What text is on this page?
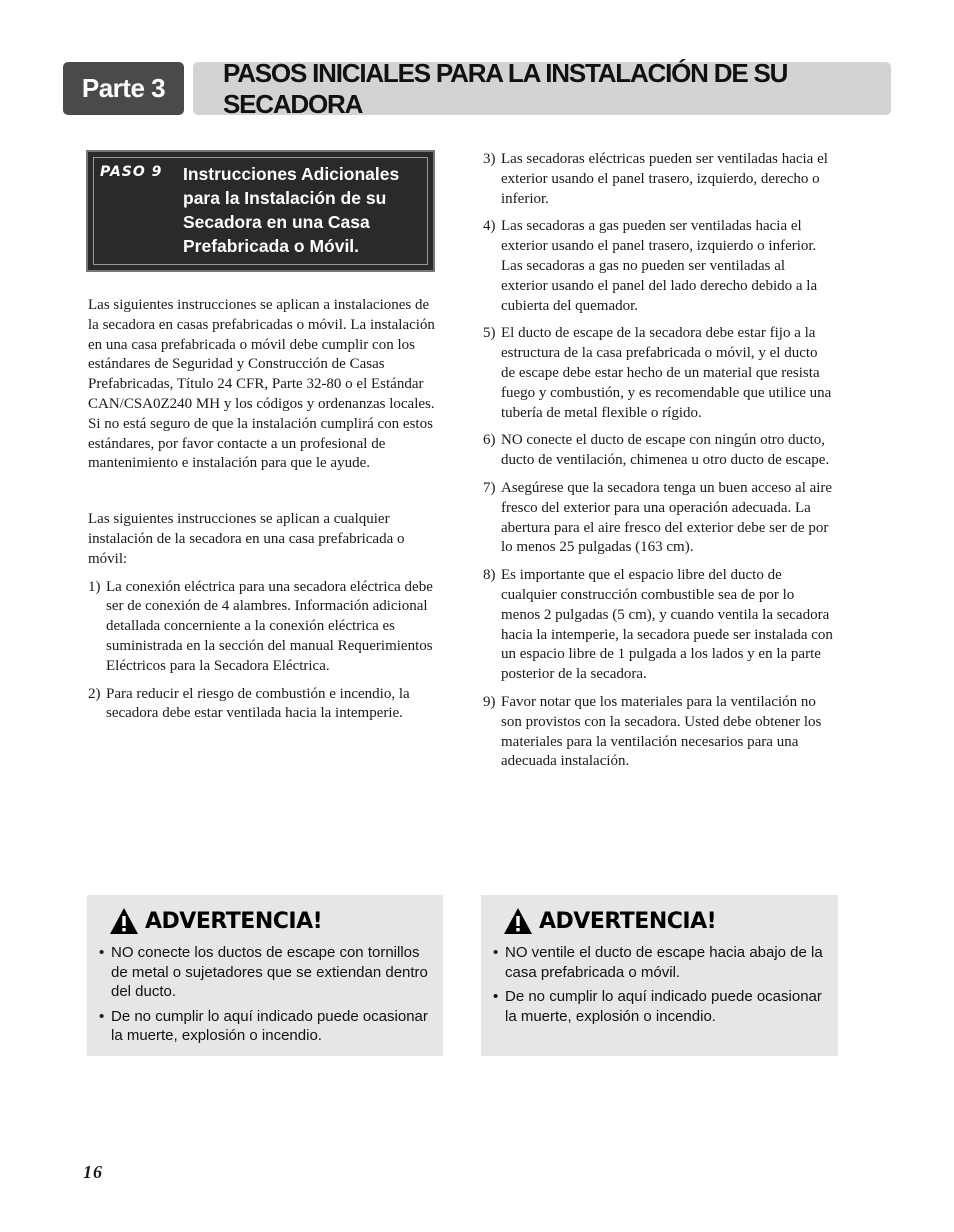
Parte 3
PASOS INICIALES PARA LA INSTALACIÓN DE SU SECADORA
PASO 9 Instrucciones Adicionales
para la Instalación de su
Secadora en una Casa
Prefabricada o Móvil.

Las siguientes instrucciones se aplican a instalaciones de la secadora en casas prefabricadas o móvil. La instalación en una casa prefabricada o móvil debe cumplir con los estándares de Seguridad y Construcción de Casas Prefabricadas, Título 24 CFR, Parte 32-80 o el Estándar CAN/CSA0Z240 MH y los códigos y ordenanzas locales. Si no está seguro de que la instalación cumplirá con estos estándares, por favor contacte a un profesional de mantenimiento e instalación para que le ayude.

Las siguientes instrucciones se aplican a cualquier instalación de la secadora en una casa prefabricada o móvil:

1) La conexión eléctrica para una secadora eléctrica debe ser de conexión de 4 alambres. Información adicional detallada concerniente a la conexión eléctrica es suministrada en la sección del manual Requerimientos Eléctricos para la Secadora Eléctrica.
2) Para reducir el riesgo de combustión e incendio, la secadora debe estar ventilada hacia la intemperie.
3) Las secadoras eléctricas pueden ser ventiladas hacia el exterior usando el panel trasero, izquierdo, derecho o inferior.
4) Las secadoras a gas pueden ser ventiladas hacia el exterior usando el panel trasero, izquierdo o inferior. Las secadoras a gas no pueden ser ventiladas al exterior usando el panel del lado derecho debido a la cubierta del quemador.
5) El ducto de escape de la secadora debe estar fijo a la estructura de la casa prefabricada o móvil, y el ducto de escape debe estar hecho de un material que resista fuego y combustión, y es recomendable que utilice una tubería de metal flexible o rígido.
6) NO conecte el ducto de escape con ningún otro ducto, ducto de ventilación, chimenea u otro ducto de escape.
7) Asegúrese que la secadora tenga un buen acceso al aire fresco del exterior para una operación adecuada. La abertura para el aire fresco del exterior debe ser de por lo menos 25 pulgadas (163 cm).
8) Es importante que el espacio libre del ducto de cualquier construcción combustible sea de por lo menos 2 pulgadas (5 cm), y cuando ventila la secadora hacia la intemperie, la secadora puede ser instalada con un espacio libre de 1 pulgada a los lados y en la parte posterior de la secadora.
9) Favor notar que los materiales para la ventilación no son provistos con la secadora. Usted debe obtener los materiales para la ventilación necesarios para una adecuada instalación.
ADVERTENCIA!
• NO conecte los ductos de escape con tornillos de metal o sujetadores que se extiendan dentro del ducto.
• De no cumplir lo aquí indicado puede ocasionar la muerte, explosión o incendio.
ADVERTENCIA!
• NO ventile el ducto de escape hacia abajo de la casa prefabricada o móvil.
• De no cumplir lo aquí indicado puede ocasionar la muerte, explosión o incendio.
16
